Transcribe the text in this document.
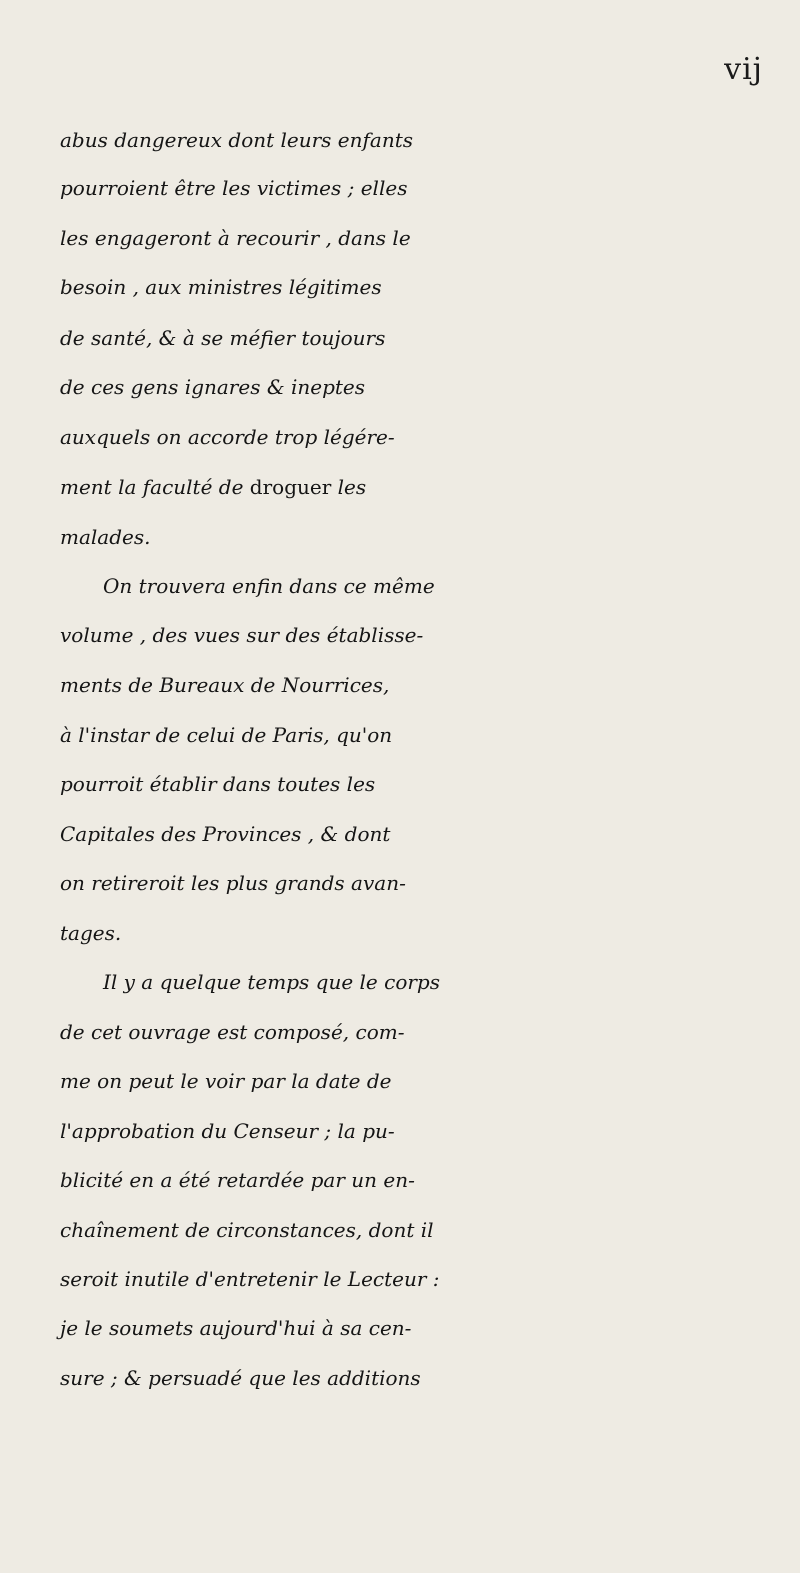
vij
abus dangereux dont leurs enfants
pourroient être les victimes ; elles
les engageront à recourir , dans le
besoin , aux ministres légitimes
de santé, & à se méfier toujours
de ces gens ignares & ineptes
auxquels on accorde trop légére-
ment la faculté de droguer les
malades.
On trouvera enfin dans ce même
volume , des vues sur des établisse-
ments de Bureaux de Nourrices,
à l'instar de celui de Paris, qu'on
pourroit établir dans toutes les
Capitales des Provinces , & dont
on retireroit les plus grands avan-
tages.
Il y a quelque temps que le corps
de cet ouvrage est composé, com-
me on peut le voir par la date de
l'approbation du Censeur ; la pu-
blicité en a été retardée par un en-
chaînement de circonstances, dont il
seroit inutile d'entretenir le Lecteur :
je le soumets aujourd'hui à sa cen-
sure ; & persuadé que les additions
